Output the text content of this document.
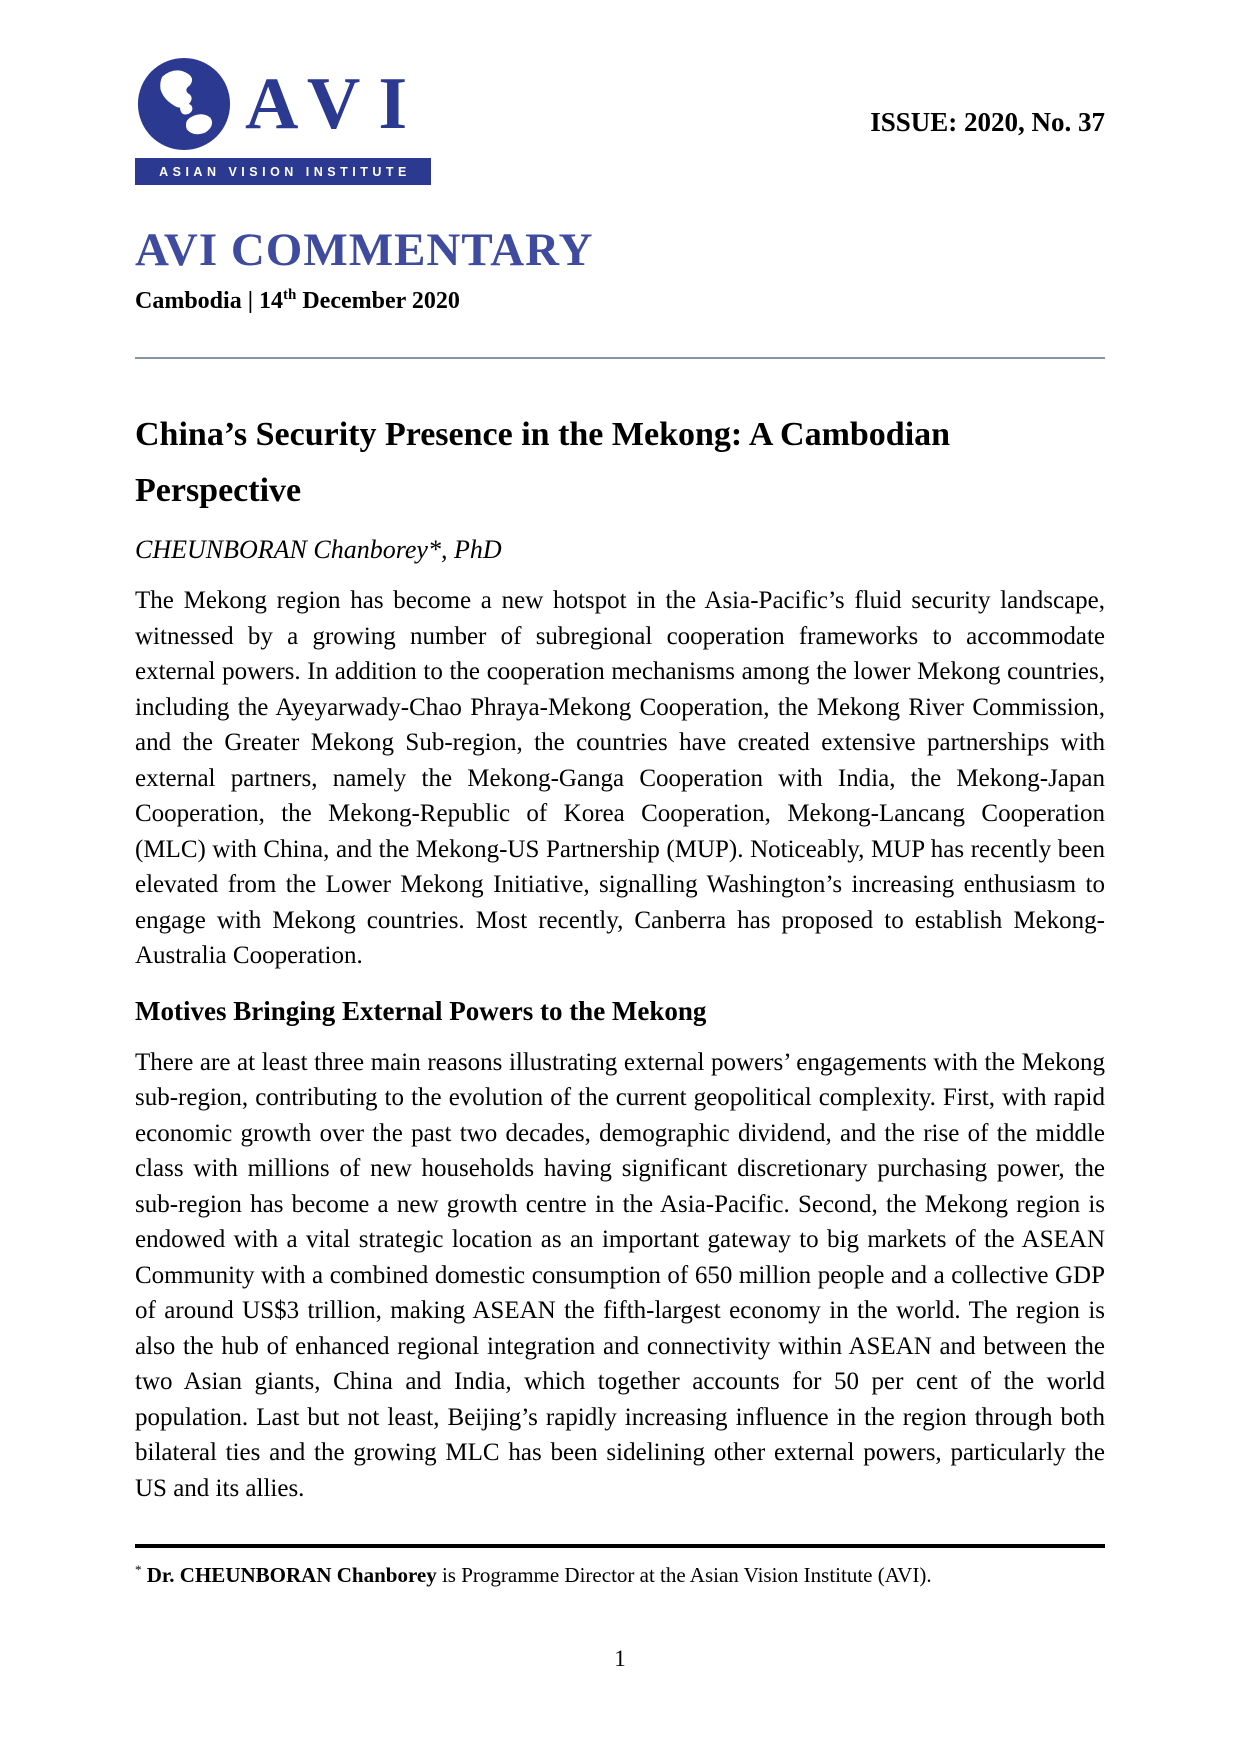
AVI
ASIAN VISION INSTITUTE
ISSUE: 2020, No. 37
AVI COMMENTARY
Cambodia | 14th December 2020
China’s Security Presence in the Mekong: A Cambodian Perspective

CHEUNBORAN Chanborey*, PhD

The Mekong region has become a new hotspot in the Asia-Pacific’s fluid security landscape, witnessed by a growing number of subregional cooperation frameworks to accommodate external powers. In addition to the cooperation mechanisms among the lower Mekong countries, including the Ayeyarwady-Chao Phraya-Mekong Cooperation, the Mekong River Commission, and the Greater Mekong Sub-region, the countries have created extensive partnerships with external partners, namely the Mekong-Ganga Cooperation with India, the Mekong-Japan Cooperation, the Mekong-Republic of Korea Cooperation, Mekong-Lancang Cooperation (MLC) with China, and the Mekong-US Partnership (MUP). Noticeably, MUP has recently been elevated from the Lower Mekong Initiative, signalling Washington’s increasing enthusiasm to engage with Mekong countries. Most recently, Canberra has proposed to establish Mekong-Australia Cooperation.

Motives Bringing External Powers to the Mekong

There are at least three main reasons illustrating external powers’ engagements with the Mekong sub-region, contributing to the evolution of the current geopolitical complexity. First, with rapid economic growth over the past two decades, demographic dividend, and the rise of the middle class with millions of new households having significant discretionary purchasing power, the sub-region has become a new growth centre in the Asia-Pacific. Second, the Mekong region is endowed with a vital strategic location as an important gateway to big markets of the ASEAN Community with a combined domestic consumption of 650 million people and a collective GDP of around US$3 trillion, making ASEAN the fifth-largest economy in the world. The region is also the hub of enhanced regional integration and connectivity within ASEAN and between the two Asian giants, China and India, which together accounts for 50 per cent of the world population. Last but not least, Beijing’s rapidly increasing influence in the region through both bilateral ties and the growing MLC has been sidelining other external powers, particularly the US and its allies.

* Dr. CHEUNBORAN Chanborey is Programme Director at the Asian Vision Institute (AVI).

1
